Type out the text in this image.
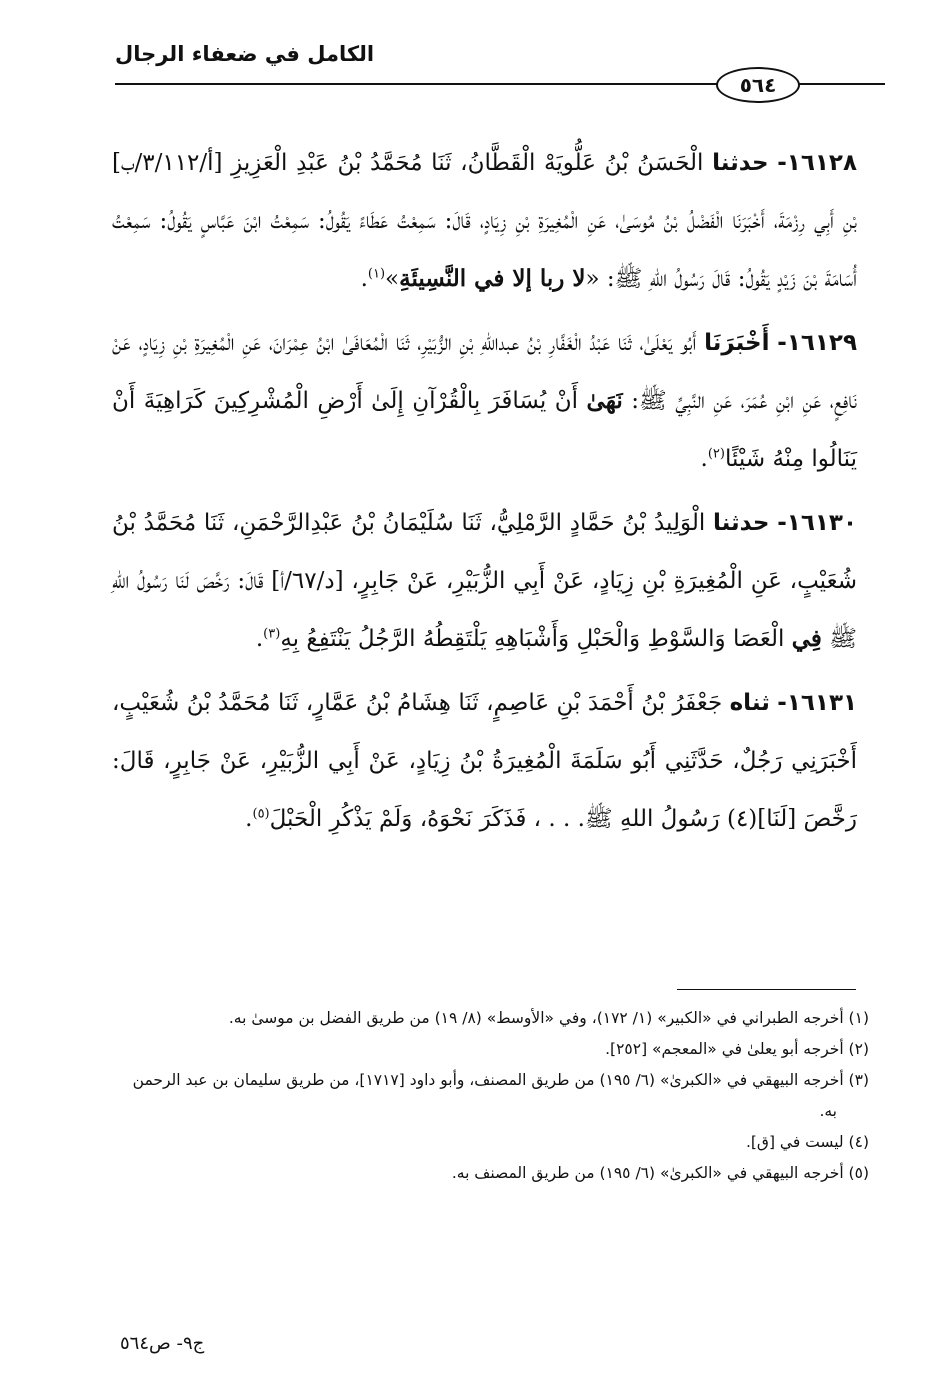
الكامل في ضعفاء الرجال
٥٦٤

١٦١٢٨- حدثنا الْحَسَنُ بْنُ عَلُّويَهْ الْقَطَّانُ، ثَنَا مُحَمَّدُ بْنُ عَبْدِ الْعَزِيزِ [أ/٣/١١٢/ب] بْنِ أَبِي رِزْمَةَ، أَخْبَرَنَا الْفَضْلُ بْنُ مُوسَىٰ، عَنِ الْمُغِيرَةِ بْنِ زِيَادٍ، قَالَ: سَمِعْتُ عَطَاءً يَقُولُ: سَمِعْتُ ابْنَ عَبَّاسٍ يَقُولُ: سَمِعْتُ أُسَامَةَ بْنَ زَيْدٍ يَقُولُ: قَالَ رَسُولُ اللهِ ﷺ: «لا ربا إلا في النَّسِيئَةِ»$^{(١)}$.

١٦١٢٩- أَخْبَرَنَا أَبُو يَعْلَىٰ، ثَنَا عَبْدُ الْغَفَّارِ بْنُ عبداللهِ بْنِ الزُّبَيْرِ، ثَنَا الْمُعَافَىٰ ابْنُ عِمْرَانَ، عَنِ الْمُغِيرَةِ بْنِ زِيَادٍ، عَنْ نَافِعٍ، عَنِ ابْنِ عُمَرَ، عَنِ النَّبِيِّ ﷺ: نَهَىٰ أَنْ يُسَافَرَ بِالْقُرْآنِ إِلَىٰ أَرْضِ الْمُشْرِكِينَ كَرَاهِيَةَ أَنْ يَنَالُوا مِنْهُ شَيْئًا$^{(٢)}$.

١٦١٣٠- حدثنا الْوَلِيدُ بْنُ حَمَّادٍ الرَّمْلِيُّ، ثَنَا سُلَيْمَانُ بْنُ عَبْدِالرَّحْمَنِ، ثَنَا مُحَمَّدُ بْنُ شُعَيْبٍ، عَنِ الْمُغِيرَةِ بْنِ زِيَادٍ، عَنْ أَبِي الزُّبَيْرِ، عَنْ جَابِرٍ، [د/٦٧/أ] قَالَ: رَخَّصَ لَنَا رَسُولُ اللهِ ﷺ فِي الْعَصَا وَالسَّوْطِ وَالْحَبْلِ وَأَشْبَاهِهِ يَلْتَقِطُهُ الرَّجُلُ يَنْتَفِعُ بِهِ$^{(٣)}$.

١٦١٣١- ثناه جَعْفَرُ بْنُ أَحْمَدَ بْنِ عَاصِمٍ، ثَنَا هِشَامُ بْنُ عَمَّارٍ، ثَنَا مُحَمَّدُ بْنُ شُعَيْبٍ، أَخْبَرَنِي رَجُلٌ، حَدَّثَنِي أَبُو سَلَمَةَ الْمُغِيرَةُ بْنُ زِيَادٍ، عَنْ أَبِي الزُّبَيْرِ، عَنْ جَابِرٍ، قَالَ: رَخَّصَ [لَنَا](٤) رَسُولُ اللهِ ﷺ. . . ، فَذَكَرَ نَحْوَهُ، وَلَمْ يَذْكُرِ الْحَبْلَ$^{(٥)}$.

(١) أخرجه الطبراني في «الكبير» (١/ ١٧٢)، وفي «الأوسط» (٨/ ١٩) من طريق الفضل بن موسىٰ به.

(٢) أخرجه أبو يعلىٰ في «المعجم» [٢٥٢].

(٣) أخرجه البيهقي في «الكبرىٰ» (٦/ ١٩٥) من طريق المصنف، وأبو داود [١٧١٧]، من طريق سليمان بن عبد الرحمن به.

(٤) ليست في [ق].

(٥) أخرجه البيهقي في «الكبرىٰ» (٦/ ١٩٥) من طريق المصنف به.

ج٩- ص٥٦٤
